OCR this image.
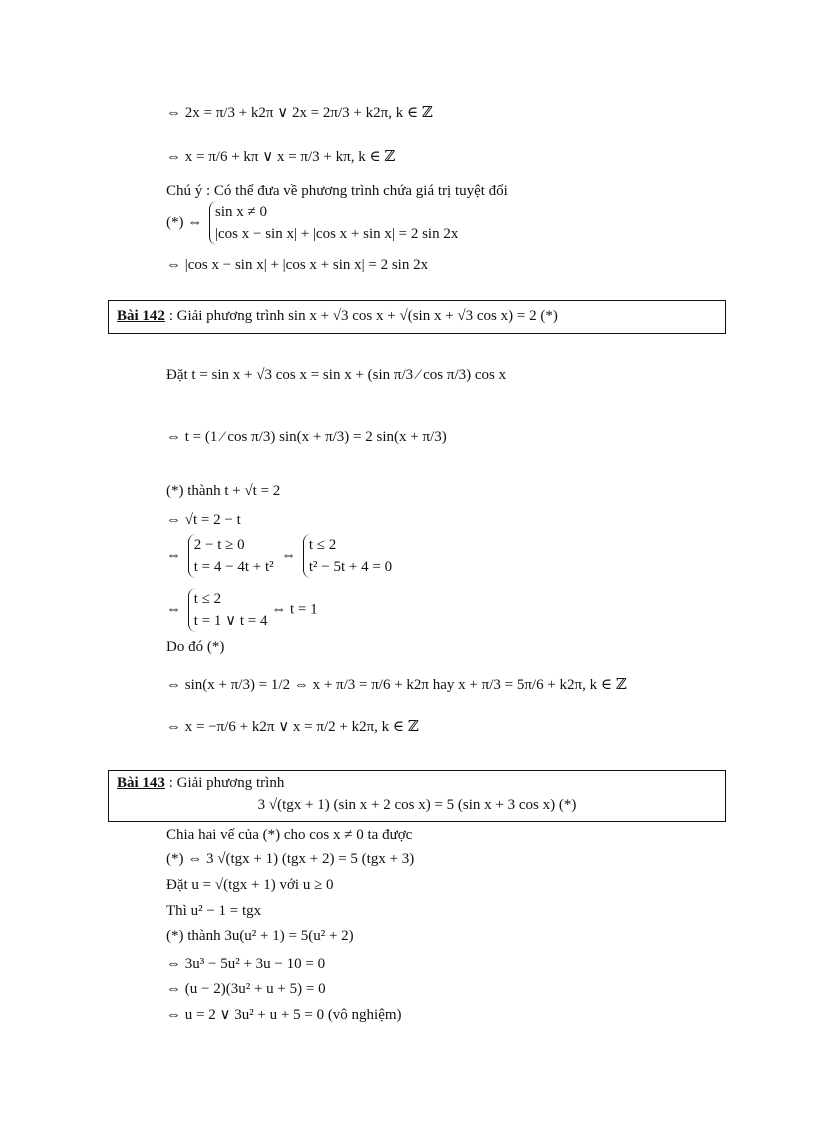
⇔ 2x = π/3 + k2π ∨ 2x = 2π/3 + k2π, k ∈ ℤ
⇔ x = π/6 + kπ ∨ x = π/3 + kπ, k ∈ ℤ
Chú ý : Có thể đưa về phương trình chứa giá trị tuyệt đối
(*) ⇔
sin x ≠ 0
|cos x − sin x| + |cos x + sin x| = 2 sin 2x
⇔ |cos x − sin x| + |cos x + sin x| = 2 sin 2x
Bài 142 : Giải phương trình sin x + √3 cos x + √(sin x + √3 cos x) = 2 (*)
Đặt t = sin x + √3 cos x = sin x + (sin π/3 ⁄ cos π/3) cos x
⇔ t = (1 ⁄ cos π/3) sin(x + π/3) = 2 sin(x + π/3)
(*) thành t + √t = 2
⇔ √t = 2 − t
⇔
2 − t ≥ 0
t = 4 − 4t + t²
⇔
t ≤ 2
t² − 5t + 4 = 0
⇔
t ≤ 2
t = 1 ∨ t = 4
⇔ t = 1
Do đó (*)
⇔ sin(x + π/3) = 1/2 ⇔ x + π/3 = π/6 + k2π hay x + π/3 = 5π/6 + k2π, k ∈ ℤ
⇔ x = −π/6 + k2π ∨ x = π/2 + k2π, k ∈ ℤ
Bài 143 : Giải phương trình
3 √(tgx + 1) (sin x + 2 cos x) = 5 (sin x + 3 cos x) (*)
Chia hai vế của (*) cho cos x ≠ 0 ta được
(*) ⇔ 3 √(tgx + 1) (tgx + 2) = 5 (tgx + 3)
Đặt u = √(tgx + 1) với u ≥ 0
Thì u² − 1 = tgx
(*) thành 3u(u² + 1) = 5(u² + 2)
⇔ 3u³ − 5u² + 3u − 10 = 0
⇔ (u − 2)(3u² + u + 5) = 0
⇔ u = 2 ∨ 3u² + u + 5 = 0 (vô nghiệm)
